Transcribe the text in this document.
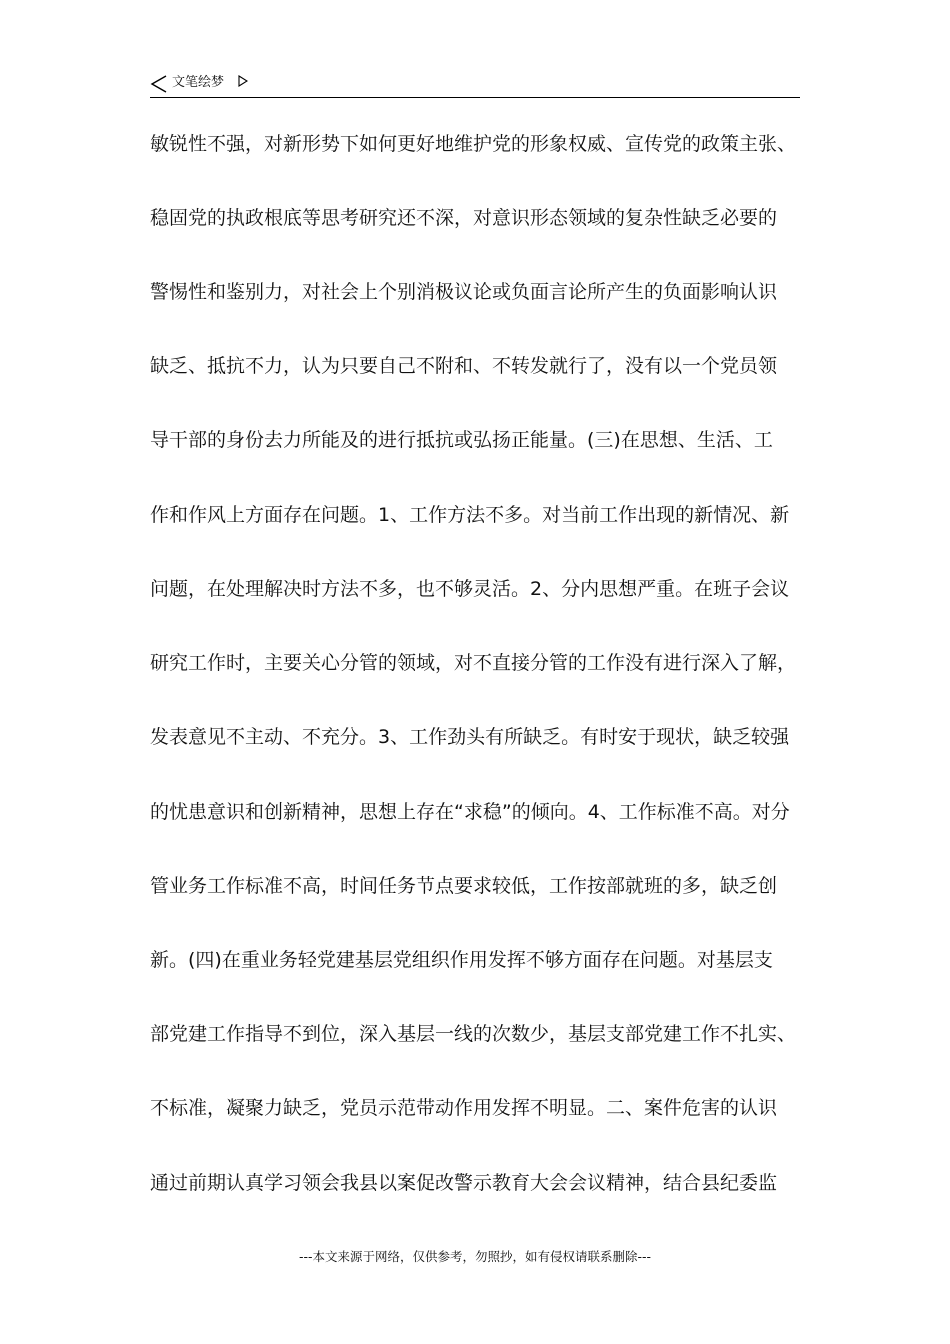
文笔绘梦
敏锐性不强，对新形势下如何更好地维护党的形象权威、宣传党的政策主张、
稳固党的执政根底等思考研究还不深，对意识形态领域的复杂性缺乏必要的
警惕性和鉴别力，对社会上个别消极议论或负面言论所产生的负面影响认识
缺乏、抵抗不力，认为只要自己不附和、不转发就行了，没有以一个党员领
导干部的身份去力所能及的进行抵抗或弘扬正能量。(三)在思想、生活、工
作和作风上方面存在问题。1、工作方法不多。对当前工作出现的新情况、新
问题，在处理解决时方法不多，也不够灵活。2、分内思想严重。在班子会议
研究工作时，主要关心分管的领域，对不直接分管的工作没有进行深入了解，
发表意见不主动、不充分。3、工作劲头有所缺乏。有时安于现状，缺乏较强
的忧患意识和创新精神，思想上存在“求稳”的倾向。4、工作标准不高。对分
管业务工作标准不高，时间任务节点要求较低，工作按部就班的多，缺乏创
新。(四)在重业务轻党建基层党组织作用发挥不够方面存在问题。对基层支
部党建工作指导不到位，深入基层一线的次数少，基层支部党建工作不扎实、
不标准，凝聚力缺乏，党员示范带动作用发挥不明显。二、案件危害的认识
通过前期认真学习领会我县以案促改警示教育大会会议精神，结合县纪委监
---本文来源于网络，仅供参考，勿照抄，如有侵权请联系删除---
